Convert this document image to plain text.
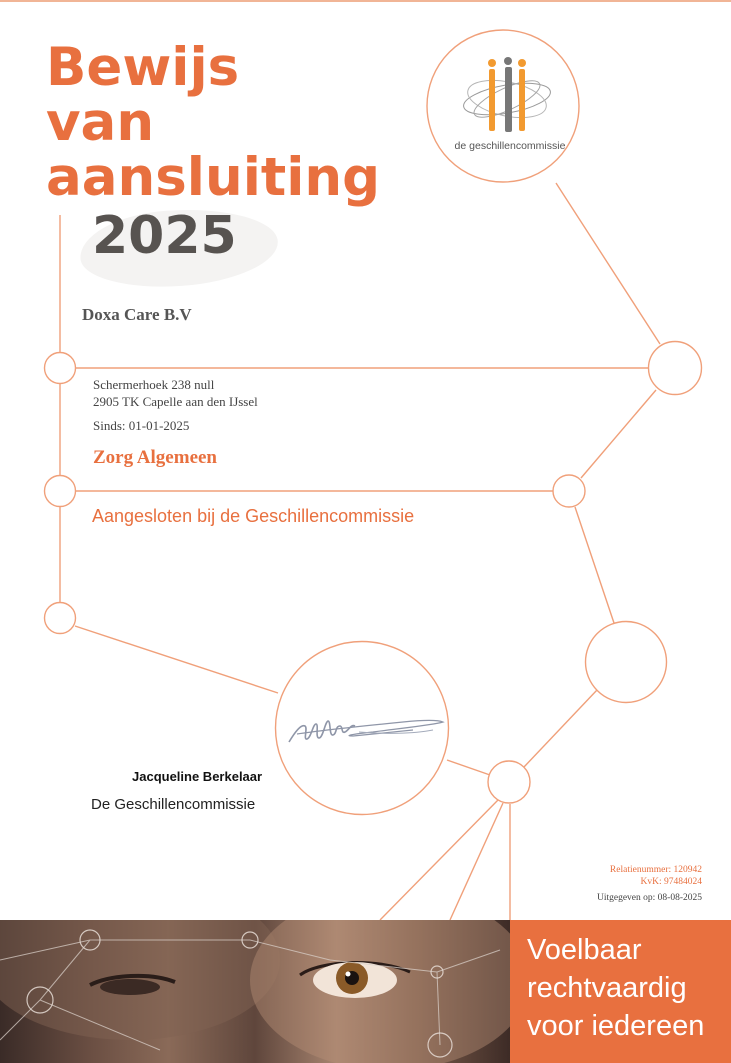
de geschillencommissie
Bewijs
van
aansluiting
2025
Doxa Care B.V
Schermerhoek 238 null
2905 TK Capelle aan den IJssel
Sinds: 01-01-2025
Zorg Algemeen
Aangesloten bij de Geschillencommissie
Jacqueline Berkelaar
De Geschillencommissie
Relatienummer: 120942
KvK: 97484024
Uitgegeven op: 08-08-2025
Voelbaar
rechtvaardig
voor iedereen
